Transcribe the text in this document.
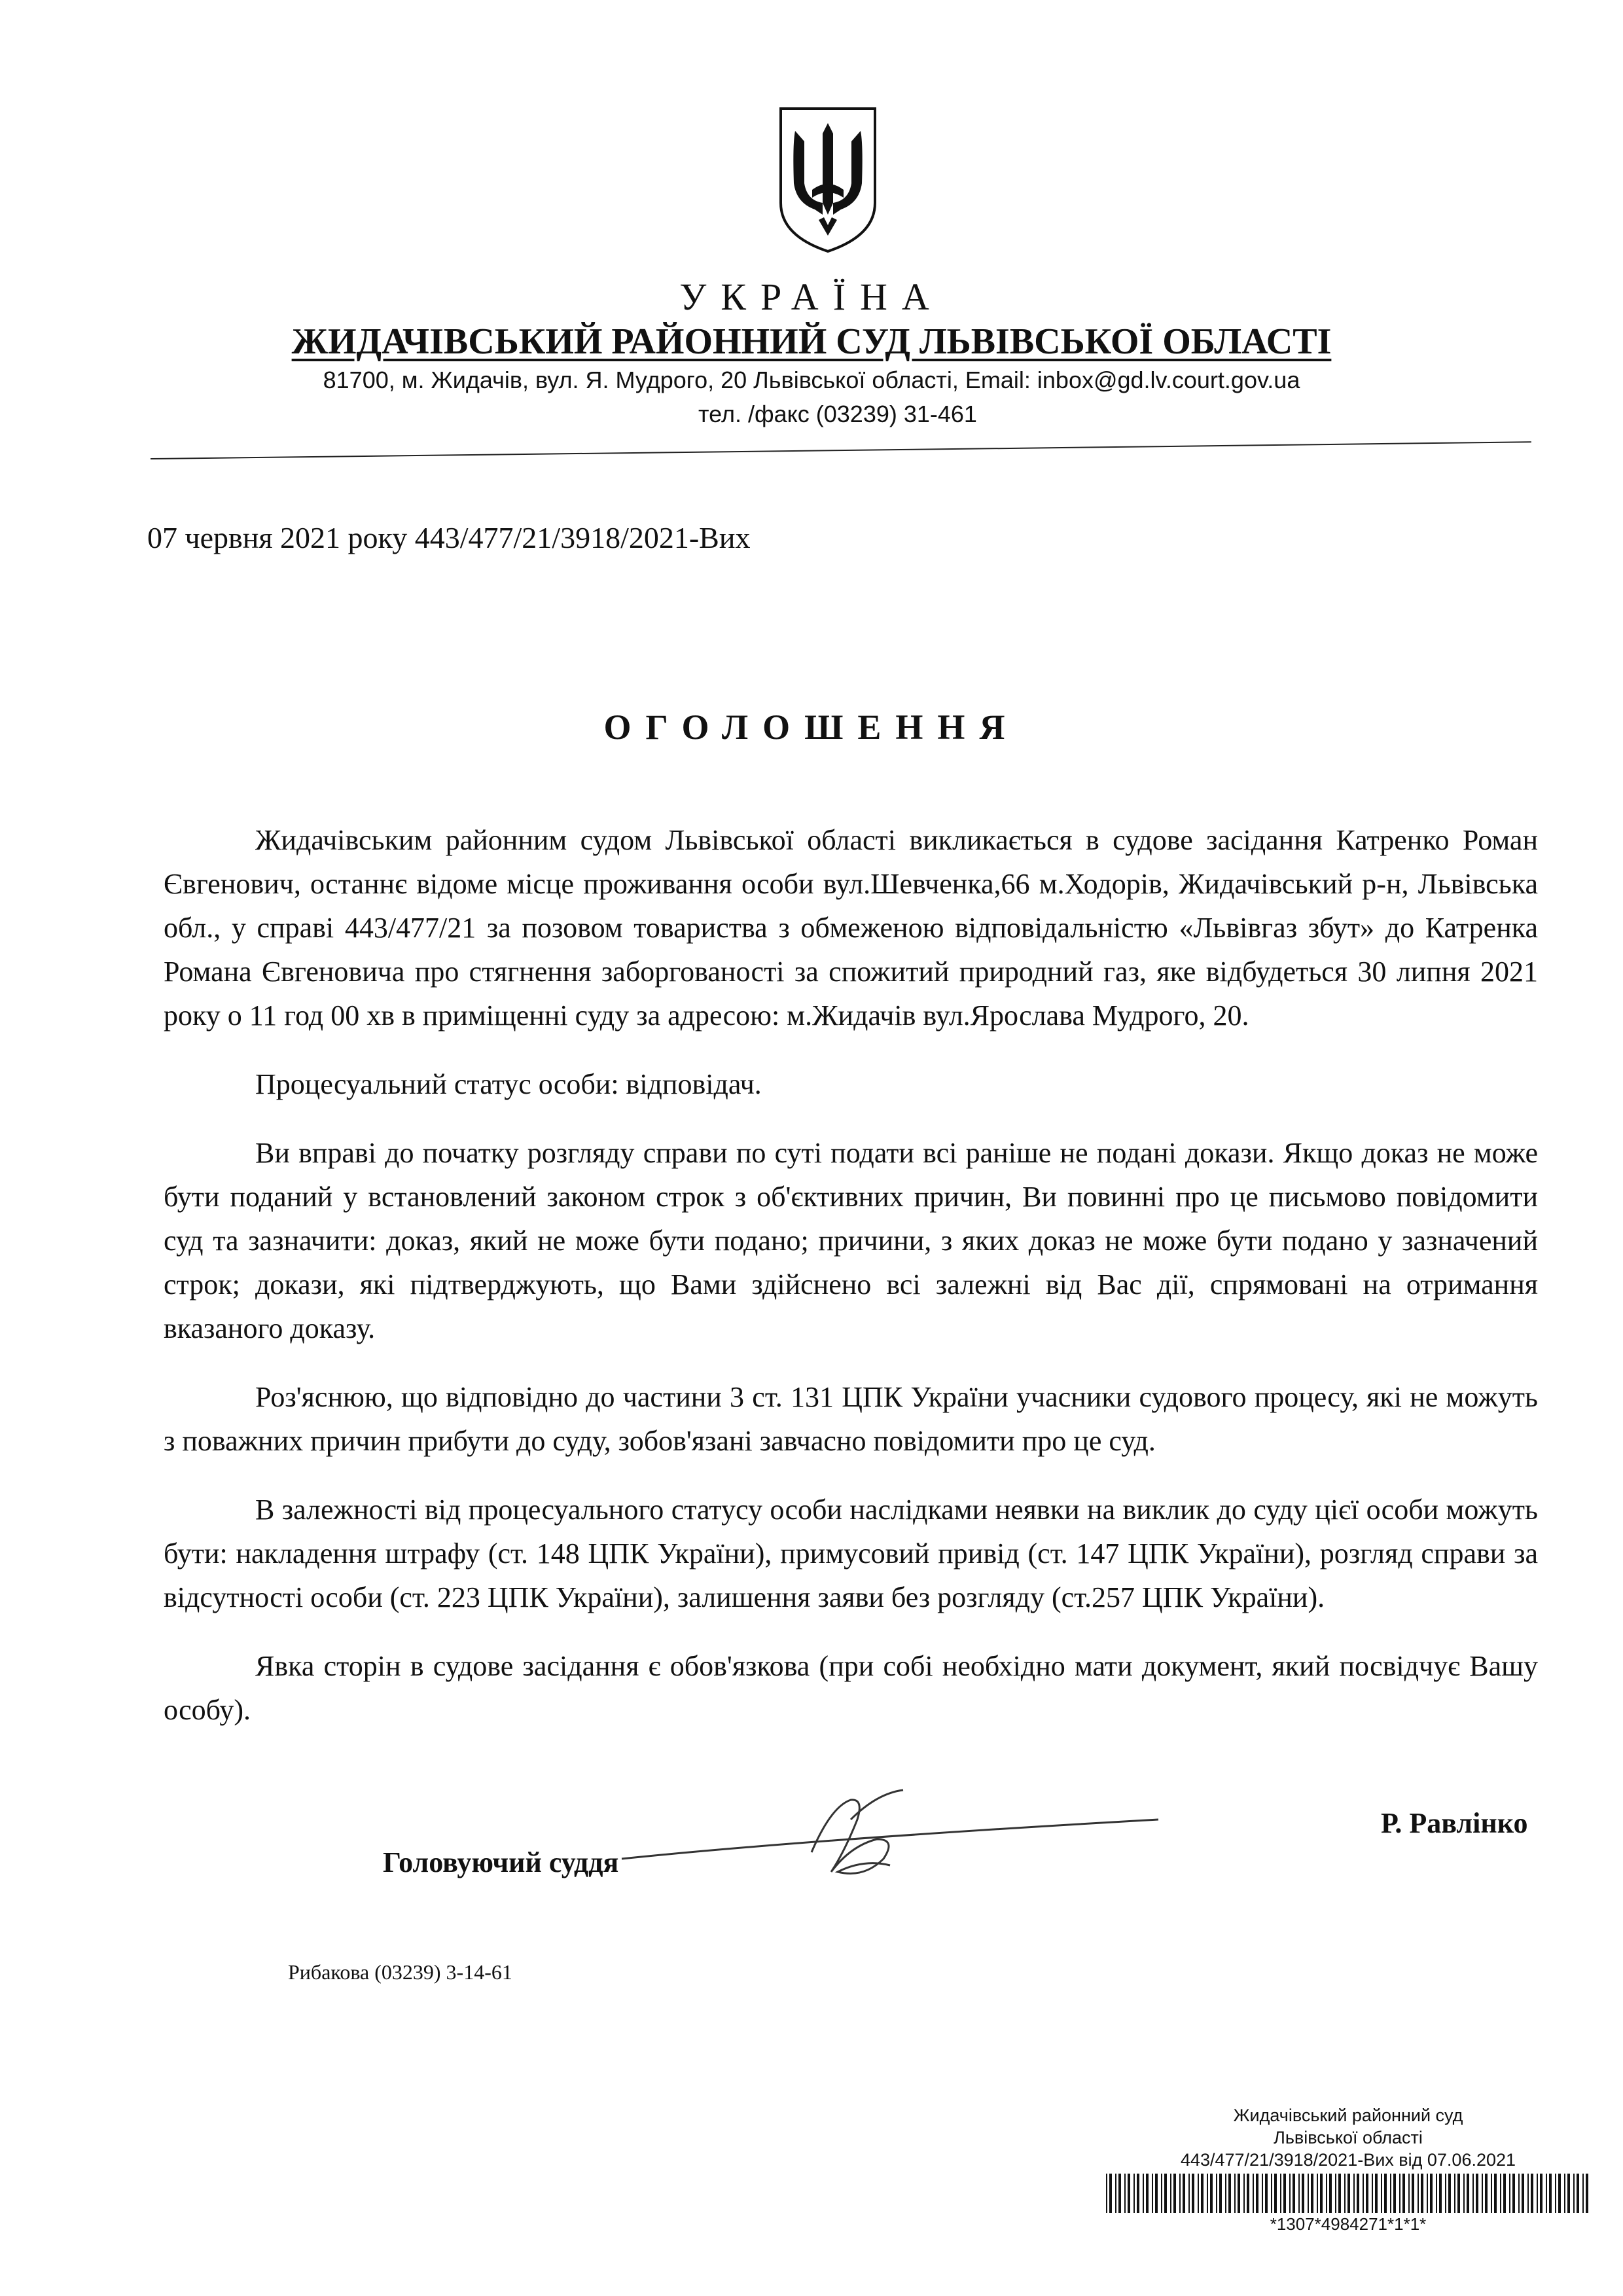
УКРАЇНА
ЖИДАЧІВСЬКИЙ РАЙОННИЙ СУД ЛЬВІВСЬКОЇ ОБЛАСТІ
81700, м. Жидачів, вул. Я. Мудрого, 20 Львівської області, Email: inbox@gd.lv.court.gov.ua
тел. /факс (03239) 31-461
07 червня 2021 року 443/477/21/3918/2021-Вих
ОГОЛОШЕННЯ

Жидачівським районним судом Львівської області викликається в судове засідання Катренко Роман Євгенович, останнє відоме місце проживання особи вул.Шевченка,66 м.Ходорів, Жидачівський р-н, Львівська обл., у справі 443/477/21 за позовом товариства з обмеженою відповідальністю «Львівгаз збут» до Катренка Романа Євгеновича про стягнення заборгованості за спожитий природний газ, яке відбудеться 30 липня 2021 року о 11 год 00 хв в приміщенні суду за адресою: м.Жидачів вул.Ярослава Мудрого, 20.

Процесуальний статус особи: відповідач.

Ви вправі до початку розгляду справи по суті подати всі раніше не подані докази. Якщо доказ не може бути поданий у встановлений законом строк з об'єктивних причин, Ви повинні про це письмово повідомити суд та зазначити: доказ, який не може бути подано; причини, з яких доказ не може бути подано у зазначений строк; докази, які підтверджують, що Вами здійснено всі залежні від Вас дії, спрямовані на отримання вказаного доказу.

Роз'яснюю, що відповідно до частини 3 ст. 131 ЦПК України учасники судового процесу, які не можуть з поважних причин прибути до суду, зобов'язані завчасно повідомити про це суд.

В залежності від процесуального статусу особи наслідками неявки на виклик до суду цієї особи можуть бути: накладення штрафу (ст. 148 ЦПК України), примусовий привід (ст. 147 ЦПК України), розгляд справи за відсутності особи (ст. 223 ЦПК України), залишення заяви без розгляду (ст.257 ЦПК України).

Явка сторін в судове засідання є обов'язкова (при собі необхідно мати документ, який посвідчує Вашу особу).

Головуючий суддя
Р. Равлінко
Рибакова (03239) 3-14-61
Жидачівський районний суд
Львівської області
443/477/21/3918/2021-Вих від 07.06.2021
*1307*4984271*1*1*
